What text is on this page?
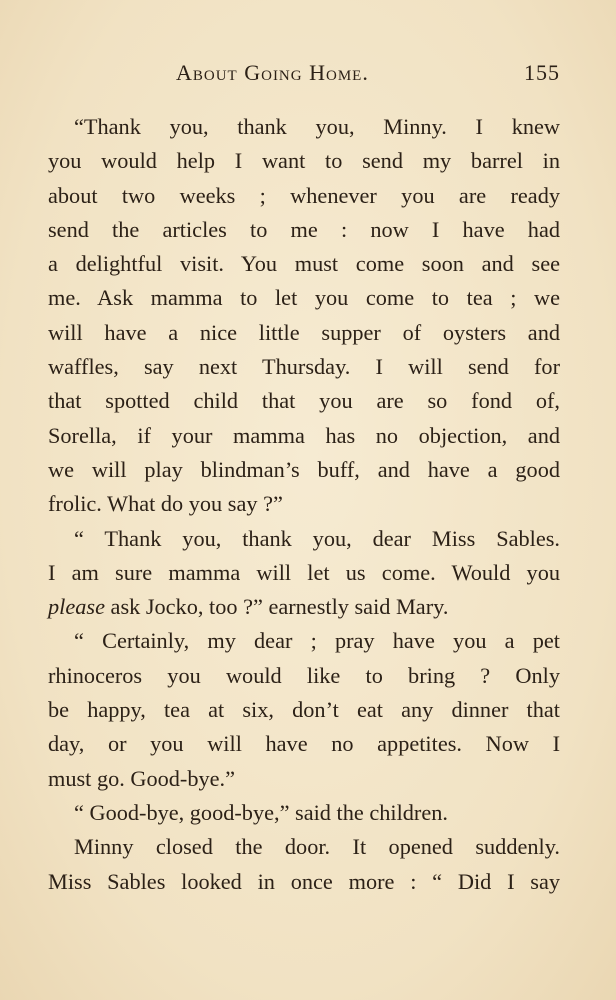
About Going Home.	155
“Thank you, thank you, Minny. I knew
you would help I want to send my barrel in
about two weeks ; whenever you are ready
send the articles to me : now I have had
a delightful visit. You must come soon and see
me. Ask mamma to let you come to tea ; we
will have a nice little supper of oysters and
waffles, say next Thursday. I will send for
that spotted child that you are so fond of,
Sorella, if your mamma has no objection, and
we will play blindman’s buff, and have a good
frolic. What do you say ?”
“ Thank you, thank you, dear Miss Sables.
I am sure mamma will let us come. Would you
please ask Jocko, too ?” earnestly said Mary.
“ Certainly, my dear ; pray have you a pet
rhinoceros you would like to bring ? Only
be happy, tea at six, don’t eat any dinner that
day, or you will have no appetites. Now I
must go. Good-bye.”
“ Good-bye, good-bye,” said the children.
Minny closed the door. It opened suddenly.
Miss Sables looked in once more : “ Did I say
